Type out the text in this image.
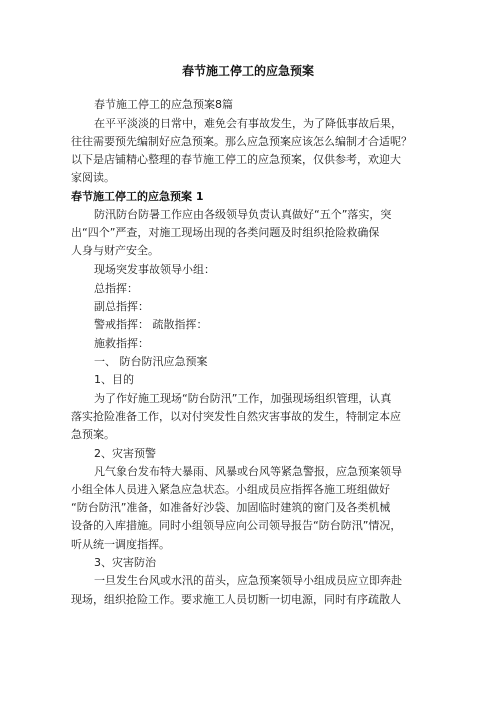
春节施工停工的应急预案
春节施工停工的应急预案8篇
在平平淡淡的日常中，难免会有事故发生，为了降低事故后果，
往往需要预先编制好应急预案。那么应急预案应该怎么编制才合适呢？
以下是店铺精心整理的春节施工停工的应急预案，仅供参考，欢迎大
家阅读。
春节施工停工的应急预案 1
防汛防台防暑工作应由各级领导负责认真做好“五个”落实，突
出“四个”严查，对施工现场出现的各类问题及时组织抢险救确保
人身与财产安全。
现场突发事故领导小组：
总指挥：
副总指挥：
警戒指挥： 疏散指挥：
施救指挥：
一、 防台防汛应急预案
1、目的
为了作好施工现场“防台防汛”工作，加强现场组织管理，认真
落实抢险准备工作，以对付突发性自然灾害事故的发生，特制定本应
急预案。
2、灾害预警
凡气象台发布特大暴雨、风暴或台风等紧急警报，应急预案领导
小组全体人员进入紧急应急状态。小组成员应指挥各施工班组做好
“防台防汛”准备，如准备好沙袋、加固临时建筑的窗门及各类机械
设备的入库措施。同时小组领导应向公司领导报告“防台防汛”情况，
听从统一调度指挥。
3、灾害防治
一旦发生台风或水汛的苗头，应急预案领导小组成员应立即奔赴
现场，组织抢险工作。要求施工人员切断一切电源，同时有序疏散人
